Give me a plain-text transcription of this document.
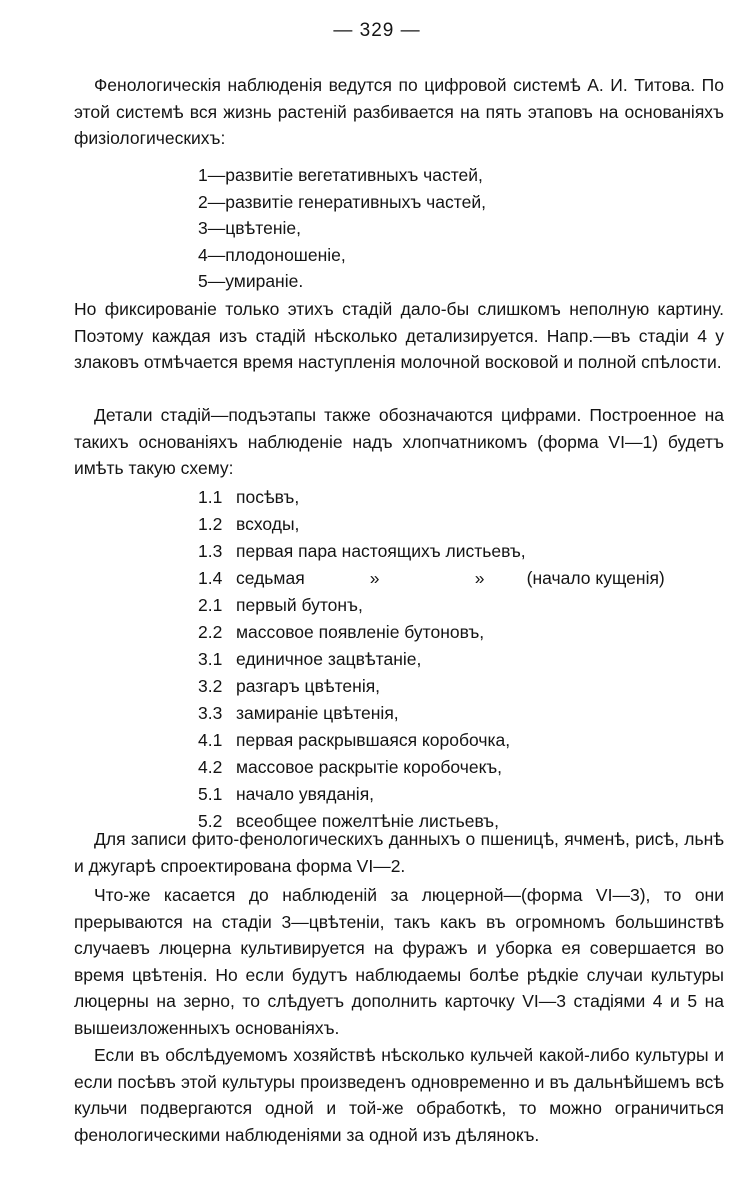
— 329 —

Фенологическія наблюденія ведутся по цифровой системѣ А. И. Титова. По этой системѣ вся жизнь растеній разбивается на пять этаповъ на основаніяхъ физіологическихъ:

1—развитіе вегетативныхъ частей,
2—развитіе генеративныхъ частей,
3—цвѣтеніе,
4—плодоношеніе,
5—умираніе.

Но фиксированіе только этихъ стадій дало-бы слишкомъ неполную картину. Поэтому каждая изъ стадій нѣсколько детализируется. Напр.—въ стадіи 4 у злаковъ отмѣчается время наступленія молочной восковой и полной спѣлости.

Детали стадій—подъэтапы также обозначаются цифрами. Построенное на такихъ основаніяхъ наблюденіе надъ хлопчатникомъ (форма VI—1) будетъ имѣть такую схему:

1.1 посѣвъ,
1.2 всходы,
1.3 первая пара настоящихъ листьевъ,
1.4 седьмая	»	» (начало кущенія)
2.1 первый бутонъ,
2.2 массовое появленіе бутоновъ,
3.1 единичное зацвѣтаніе,
3.2 разгаръ цвѣтенія,
3.3 замираніе цвѣтенія,
4.1 первая раскрывшаяся коробочка,
4.2 массовое раскрытіе коробочекъ,
5.1 начало увяданія,
5.2 всеобщее пожелтѣніе листьевъ,

Для записи фито-фенологическихъ данныхъ о пшеницѣ, ячменѣ, рисѣ, льнѣ и джугарѣ спроектирована форма VI—2.

Что-же касается до наблюденій за люцерной—(форма VI—3), то они прерываются на стадіи 3—цвѣтеніи, такъ какъ въ огромномъ большинствѣ случаевъ люцерна культивируется на фуражъ и уборка ея совершается во время цвѣтенія. Но если будутъ наблюдаемы болѣе рѣдкіе случаи культуры люцерны на зерно, то слѣдуетъ дополнить карточку VI—3 стадіями 4 и 5 на вышеизложенныхъ основаніяхъ.

Если въ обслѣдуемомъ хозяйствѣ нѣсколько кульчей какой-либо культуры и если посѣвъ этой культуры произведенъ одновременно и въ дальнѣйшемъ всѣ кульчи подвергаются одной и той-же обработкѣ, то можно ограничиться фенологическими наблюденіями за одной изъ дѣлянокъ.
